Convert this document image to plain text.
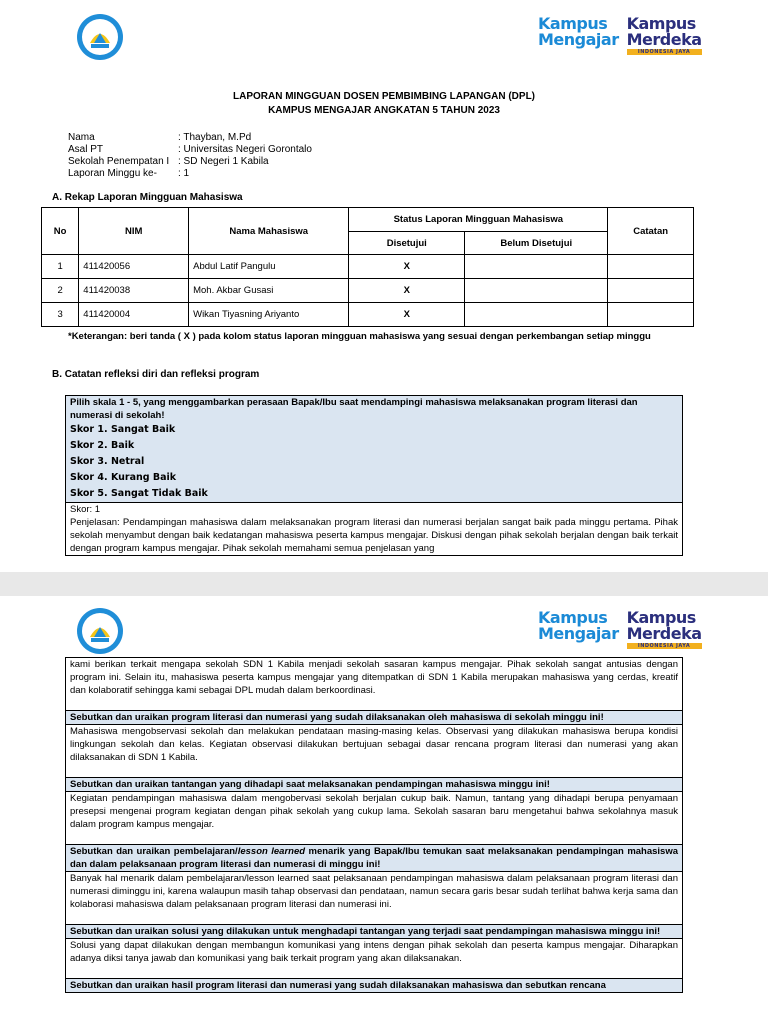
Kampus
Mengajar
Kampus
Merdeka
INDONESIA JAYA
LAPORAN MINGGUAN DOSEN PEMBIMBING LAPANGAN (DPL)
KAMPUS MENGAJAR ANGKATAN 5 TAHUN 2023
Nama	: Thayban, M.Pd
Asal PT	: Universitas Negeri Gorontalo
Sekolah Penempatan I : SD Negeri 1 Kabila
Laporan Minggu ke-	: 1
A. Rekap Laporan Mingguan Mahasiswa
No	NIM	Nama Mahasiswa	Status Laporan Mingguan Mahasiswa		Catatan
			Disetujui	Belum Disetujui	
1	411420056	Abdul Latif Pangulu	X		
2	411420038	Moh. Akbar Gusasi	X		
3	411420004	Wikan Tiyasning Ariyanto	X		
*Keterangan: beri tanda ( X ) pada kolom status laporan mingguan mahasiswa yang sesuai dengan perkembangan setiap minggu
B. Catatan refleksi diri dan refleksi program
Pilih skala 1 - 5, yang menggambarkan perasaan Bapak/Ibu saat mendampingi mahasiswa melaksanakan program literasi dan numerasi di sekolah!
Skor 1. Sangat Baik
Skor 2. Baik
Skor 3. Netral
Skor 4. Kurang Baik
Skor 5. Sangat Tidak Baik
Skor: 1
Penjelasan: Pendampingan mahasiswa dalam melaksanakan program literasi dan numerasi berjalan sangat baik pada minggu pertama. Pihak sekolah menyambut dengan baik kedatangan mahasiswa peserta kampus mengajar. Diskusi dengan pihak sekolah berjalan dengan baik terkait dengan program kampus mengajar. Pihak sekolah memahami semua penjelasan yang
Kampus
Mengajar
Kampus
Merdeka
INDONESIA JAYA
kami berikan terkait mengapa sekolah SDN 1 Kabila menjadi sekolah sasaran kampus mengajar. Pihak sekolah sangat antusias dengan program ini. Selain itu, mahasiswa peserta kampus mengajar yang ditempatkan di SDN 1 Kabila merupakan mahasiswa yang cerdas, kreatif dan kolaboratif sehingga kami sebagai DPL mudah dalam berkoordinasi.
Sebutkan dan uraikan program literasi dan numerasi yang sudah dilaksanakan oleh mahasiswa di sekolah minggu ini!
Mahasiswa mengobservasi sekolah dan melakukan pendataan masing-masing kelas. Observasi yang dilakukan mahasiswa berupa kondisi lingkungan sekolah dan kelas. Kegiatan observasi dilakukan bertujuan sebagai dasar rencana program literasi dan numerasi yang akan dilaksanakan di SDN 1 Kabila.
Sebutkan dan uraikan tantangan yang dihadapi saat melaksanakan pendampingan mahasiswa minggu ini!
Kegiatan pendampingan mahasiswa dalam mengobervasi sekolah berjalan cukup baik. Namun, tantang yang dihadapi berupa penyamaan presepsi mengenai program kegiatan dengan pihak sekolah yang cukup lama. Sekolah sasaran baru mengetahui bahwa sekolahnya masuk dalam program kampus mengajar.
Sebutkan dan uraikan pembelajaran/lesson learned menarik yang Bapak/Ibu temukan saat melaksanakan pendampingan mahasiswa dan dalam pelaksanaan program literasi dan numerasi di minggu ini!
Banyak hal menarik dalam pembelajaran/lesson learned saat pelaksanaan pendampingan mahasiswa dalam pelaksanaan program literasi dan numerasi diminggu ini, karena walaupun masih tahap observasi dan pendataan, namun secara garis besar sudah terlihat bahwa kerja sama dan kolaborasi mahasiswa dalam pelaksanaan program literasi dan numerasi ini.
Sebutkan dan uraikan solusi yang dilakukan untuk menghadapi tantangan yang terjadi saat pendampingan mahasiswa minggu ini!
Solusi yang dapat dilakukan dengan membangun komunikasi yang intens dengan pihak sekolah dan peserta kampus mengajar. Diharapkan adanya diksi tanya jawab dan komunikasi yang baik terkait program yang akan dilaksanakan.
Sebutkan dan uraikan hasil program literasi dan numerasi yang sudah dilaksanakan mahasiswa dan sebutkan rencana
